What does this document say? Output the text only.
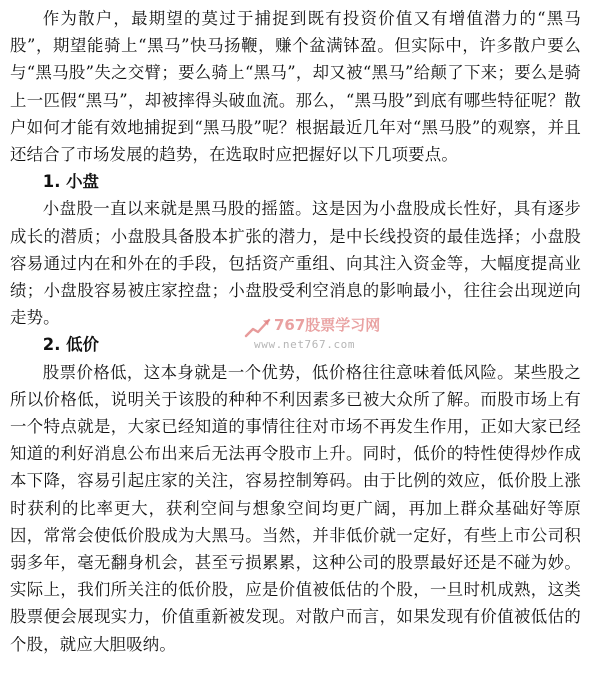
作为散户，最期望的莫过于捕捉到既有投资价值又有增值潜力的“黑马股”，期望能骑上“黑马”快马扬鞭，赚个盆满钵盈。但实际中，许多散户要么与“黑马股”失之交臂；要么骑上“黑马”，却又被“黑马”给颠了下来；要么是骑上一匹假“黑马”，却被摔得头破血流。那么，“黑马股”到底有哪些特征呢？散户如何才能有效地捕捉到“黑马股”呢？根据最近几年对“黑马股”的观察，并且还结合了市场发展的趋势，在选取时应把握好以下几项要点。

1. 小盘

小盘股一直以来就是黑马股的摇篮。这是因为小盘股成长性好，具有逐步成长的潜质；小盘股具备股本扩张的潜力，是中长线投资的最佳选择；小盘股容易通过内在和外在的手段，包括资产重组、向其注入资金等，大幅度提高业绩；小盘股容易被庄家控盘；小盘股受利空消息的影响最小，往往会出现逆向走势。

2. 低价

股票价格低，这本身就是一个优势，低价格往往意味着低风险。某些股之所以价格低，说明关于该股的种种不利因素多已被大众所了解。而股市场上有一个特点就是，大家已经知道的事情往往对市场不再发生作用，正如大家已经知道的利好消息公布出来后无法再令股市上升。同时，低价的特性使得炒作成本下降，容易引起庄家的关注，容易控制筹码。由于比例的效应，低价股上涨时获利的比率更大，获利空间与想象空间均更广阔，再加上群众基础好等原因，常常会使低价股成为大黑马。当然，并非低价就一定好，有些上市公司积弱多年，毫无翻身机会，甚至亏损累累，这种公司的股票最好还是不碰为妙。实际上，我们所关注的低价股，应是价值被低估的个股，一旦时机成熟，这类股票便会展现实力，价值重新被发现。对散户而言，如果发现有价值被低估的个股，就应大胆吸纳。

767股票学习网
www.net767.com
